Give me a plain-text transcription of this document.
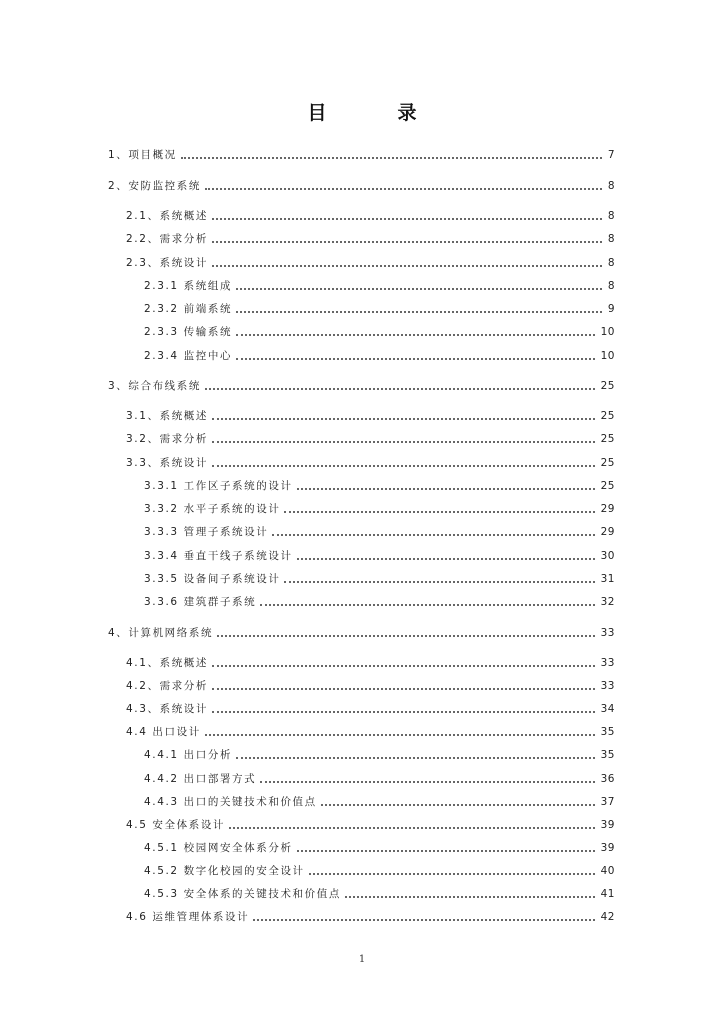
目　录
1、项目概况	7
2、安防监控系统	8
2.1、系统概述	8
2.2、需求分析	8
2.3、系统设计	8
2.3.1 系统组成	8
2.3.2 前端系统	9
2.3.3 传输系统	10
2.3.4 监控中心	10
3、综合布线系统	25
3.1、系统概述	25
3.2、需求分析	25
3.3、系统设计	25
3.3.1 工作区子系统的设计	25
3.3.2 水平子系统的设计	29
3.3.3 管理子系统设计	29
3.3.4 垂直干线子系统设计	30
3.3.5 设备间子系统设计	31
3.3.6 建筑群子系统	32
4、计算机网络系统	33
4.1、系统概述	33
4.2、需求分析	33
4.3、系统设计	34
4.4 出口设计	35
4.4.1 出口分析	35
4.4.2 出口部署方式	36
4.4.3 出口的关键技术和价值点	37
4.5 安全体系设计	39
4.5.1 校园网安全体系分析	39
4.5.2 数字化校园的安全设计	40
4.5.3 安全体系的关键技术和价值点	41
4.6 运维管理体系设计	42
1
